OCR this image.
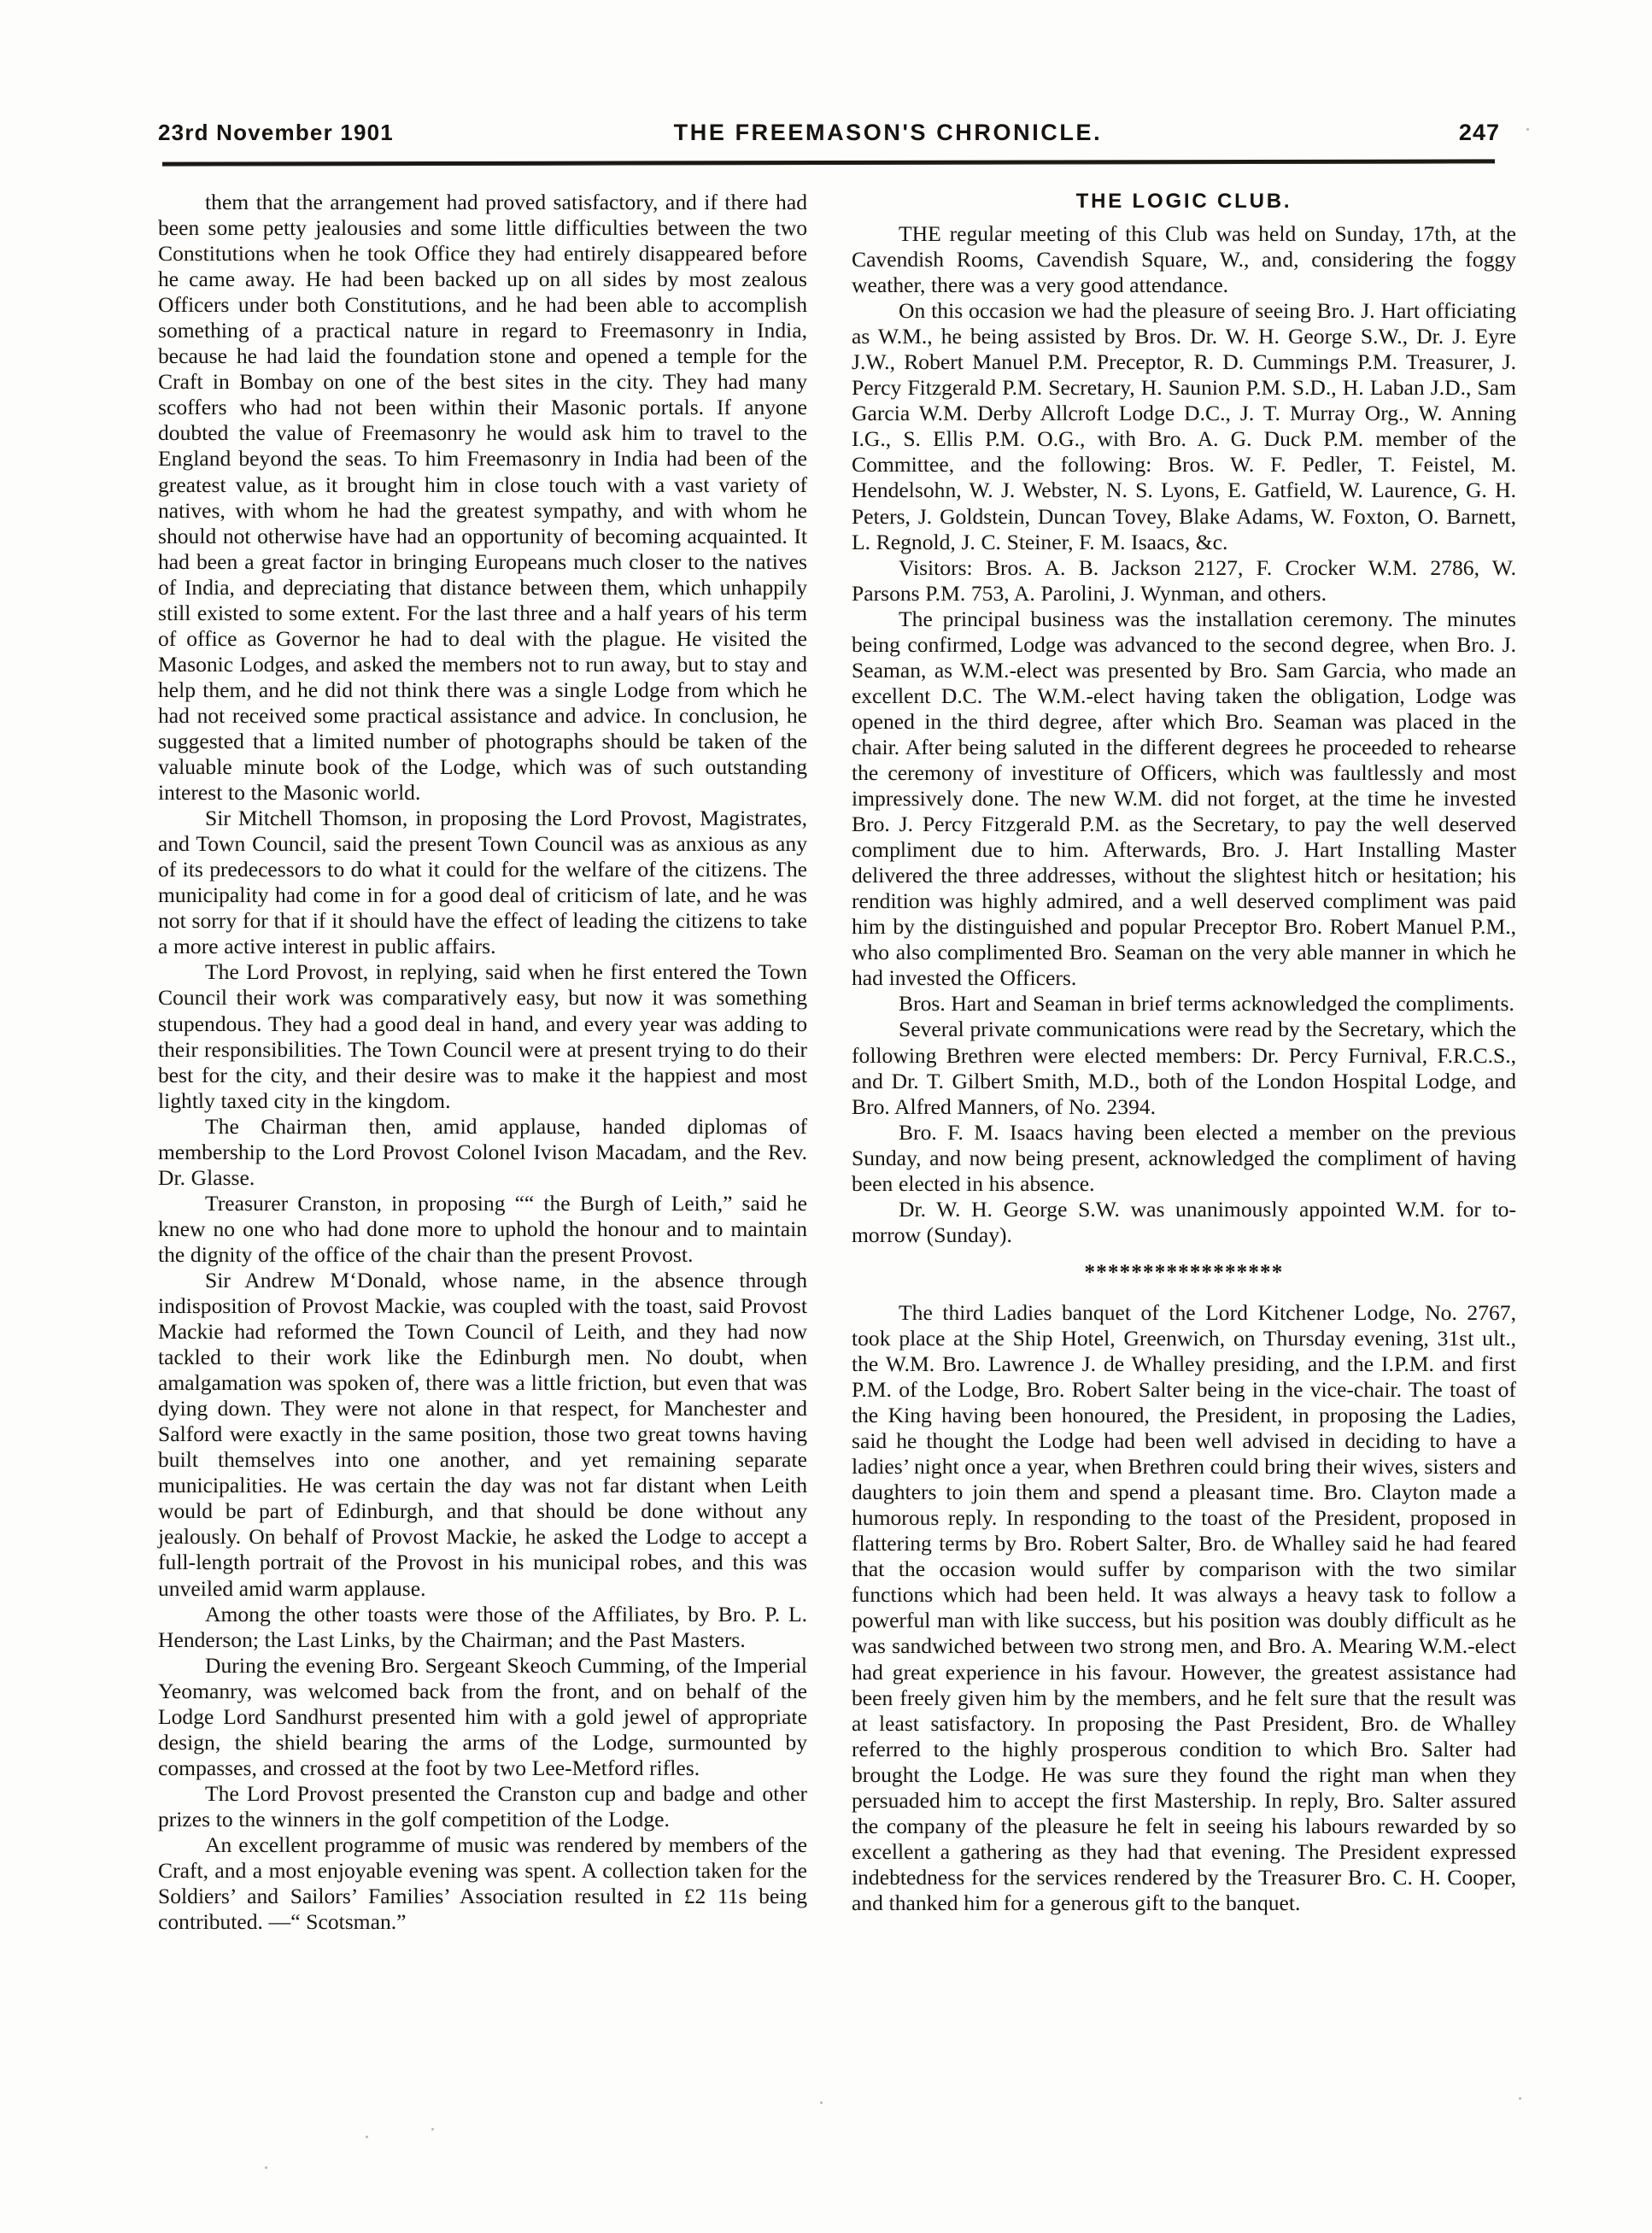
23rd November 1901	THE FREEMASON'S CHRONICLE.	247

them that the arrangement had proved satisfactory, and if there had been some petty jealousies and some little difficulties between the two Constitutions when he took Office they had entirely disappeared before he came away. He had been backed up on all sides by most zealous Officers under both Constitutions, and he had been able to accomplish something of a practical nature in regard to Freemasonry in India, because he had laid the foundation stone and opened a temple for the Craft in Bombay on one of the best sites in the city. They had many scoffers who had not been within their Masonic portals. If anyone doubted the value of Freemasonry he would ask him to travel to the England beyond the seas. To him Freemasonry in India had been of the greatest value, as it brought him in close touch with a vast variety of natives, with whom he had the greatest sympathy, and with whom he should not otherwise have had an opportunity of becoming acquainted. It had been a great factor in bringing Europeans much closer to the natives of India, and depreciating that distance between them, which unhappily still existed to some extent. For the last three and a half years of his term of office as Governor he had to deal with the plague. He visited the Masonic Lodges, and asked the members not to run away, but to stay and help them, and he did not think there was a single Lodge from which he had not received some practical assistance and advice. In conclusion, he suggested that a limited number of photographs should be taken of the valuable minute book of the Lodge, which was of such outstanding interest to the Masonic world.

Sir Mitchell Thomson, in proposing the Lord Provost, Magistrates, and Town Council, said the present Town Council was as anxious as any of its predecessors to do what it could for the welfare of the citizens. The municipality had come in for a good deal of criticism of late, and he was not sorry for that if it should have the effect of leading the citizens to take a more active interest in public affairs.

The Lord Provost, in replying, said when he first entered the Town Council their work was comparatively easy, but now it was something stupendous. They had a good deal in hand, and every year was adding to their responsibilities. The Town Council were at present trying to do their best for the city, and their desire was to make it the happiest and most lightly taxed city in the kingdom.

The Chairman then, amid applause, handed diplomas of membership to the Lord Provost Colonel Ivison Macadam, and the Rev. Dr. Glasse.

Treasurer Cranston, in proposing ““ the Burgh of Leith,” said he knew no one who had done more to uphold the honour and to maintain the dignity of the office of the chair than the present Provost.

Sir Andrew M‘Donald, whose name, in the absence through indisposition of Provost Mackie, was coupled with the toast, said Provost Mackie had reformed the Town Council of Leith, and they had now tackled to their work like the Edinburgh men. No doubt, when amalgamation was spoken of, there was a little friction, but even that was dying down. They were not alone in that respect, for Manchester and Salford were exactly in the same position, those two great towns having built themselves into one another, and yet remaining separate municipalities. He was certain the day was not far distant when Leith would be part of Edinburgh, and that should be done without any jealously. On behalf of Provost Mackie, he asked the Lodge to accept a full-length portrait of the Provost in his municipal robes, and this was unveiled amid warm applause.

Among the other toasts were those of the Affiliates, by Bro. P. L. Henderson; the Last Links, by the Chairman; and the Past Masters.

During the evening Bro. Sergeant Skeoch Cumming, of the Imperial Yeomanry, was welcomed back from the front, and on behalf of the Lodge Lord Sandhurst presented him with a gold jewel of appropriate design, the shield bearing the arms of the Lodge, surmounted by compasses, and crossed at the foot by two Lee-Metford rifles.

The Lord Provost presented the Cranston cup and badge and other prizes to the winners in the golf competition of the Lodge.

An excellent programme of music was rendered by members of the Craft, and a most enjoyable evening was spent. A collection taken for the Soldiers’ and Sailors’ Families’ Association resulted in £2 11s being contributed. —“ Scotsman.”

THE LOGIC CLUB.

THE regular meeting of this Club was held on Sunday, 17th, at the Cavendish Rooms, Cavendish Square, W., and, considering the foggy weather, there was a very good attendance.

On this occasion we had the pleasure of seeing Bro. J. Hart officiating as W.M., he being assisted by Bros. Dr. W. H. George S.W., Dr. J. Eyre J.W., Robert Manuel P.M. Preceptor, R. D. Cummings P.M. Treasurer, J. Percy Fitzgerald P.M. Secretary, H. Saunion P.M. S.D., H. Laban J.D., Sam Garcia W.M. Derby Allcroft Lodge D.C., J. T. Murray Org., W. Anning I.G., S. Ellis P.M. O.G., with Bro. A. G. Duck P.M. member of the Committee, and the following: Bros. W. F. Pedler, T. Feistel, M. Hendelsohn, W. J. Webster, N. S. Lyons, E. Gatfield, W. Laurence, G. H. Peters, J. Goldstein, Duncan Tovey, Blake Adams, W. Foxton, O. Barnett, L. Regnold, J. C. Steiner, F. M. Isaacs, &c.

Visitors: Bros. A. B. Jackson 2127, F. Crocker W.M. 2786, W. Parsons P.M. 753, A. Parolini, J. Wynman, and others.

The principal business was the installation ceremony. The minutes being confirmed, Lodge was advanced to the second degree, when Bro. J. Seaman, as W.M.-elect was presented by Bro. Sam Garcia, who made an excellent D.C. The W.M.-elect having taken the obligation, Lodge was opened in the third degree, after which Bro. Seaman was placed in the chair. After being saluted in the different degrees he proceeded to rehearse the ceremony of investiture of Officers, which was faultlessly and most impressively done. The new W.M. did not forget, at the time he invested Bro. J. Percy Fitzgerald P.M. as the Secretary, to pay the well deserved compliment due to him. Afterwards, Bro. J. Hart Installing Master delivered the three addresses, without the slightest hitch or hesitation; his rendition was highly admired, and a well deserved compliment was paid him by the distinguished and popular Preceptor Bro. Robert Manuel P.M., who also complimented Bro. Seaman on the very able manner in which he had invested the Officers.

Bros. Hart and Seaman in brief terms acknowledged the compliments.

Several private communications were read by the Secretary, which the following Brethren were elected members: Dr. Percy Furnival, F.R.C.S., and Dr. T. Gilbert Smith, M.D., both of the London Hospital Lodge, and Bro. Alfred Manners, of No. 2394.

Bro. F. M. Isaacs having been elected a member on the previous Sunday, and now being present, acknowledged the compliment of having been elected in his absence.

Dr. W. H. George S.W. was unanimously appointed W.M. for to-morrow (Sunday).

*****************

The third Ladies banquet of the Lord Kitchener Lodge, No. 2767, took place at the Ship Hotel, Greenwich, on Thursday evening, 31st ult., the W.M. Bro. Lawrence J. de Whalley presiding, and the I.P.M. and first P.M. of the Lodge, Bro. Robert Salter being in the vice-chair. The toast of the King having been honoured, the President, in proposing the Ladies, said he thought the Lodge had been well advised in deciding to have a ladies’ night once a year, when Brethren could bring their wives, sisters and daughters to join them and spend a pleasant time. Bro. Clayton made a humorous reply. In responding to the toast of the President, proposed in flattering terms by Bro. Robert Salter, Bro. de Whalley said he had feared that the occasion would suffer by comparison with the two similar functions which had been held. It was always a heavy task to follow a powerful man with like success, but his position was doubly difficult as he was sandwiched between two strong men, and Bro. A. Mearing W.M.-elect had great experience in his favour. However, the greatest assistance had been freely given him by the members, and he felt sure that the result was at least satisfactory. In proposing the Past President, Bro. de Whalley referred to the highly prosperous condition to which Bro. Salter had brought the Lodge. He was sure they found the right man when they persuaded him to accept the first Mastership. In reply, Bro. Salter assured the company of the pleasure he felt in seeing his labours rewarded by so excellent a gathering as they had that evening. The President expressed indebtedness for the services rendered by the Treasurer Bro. C. H. Cooper, and thanked him for a generous gift to the banquet.
